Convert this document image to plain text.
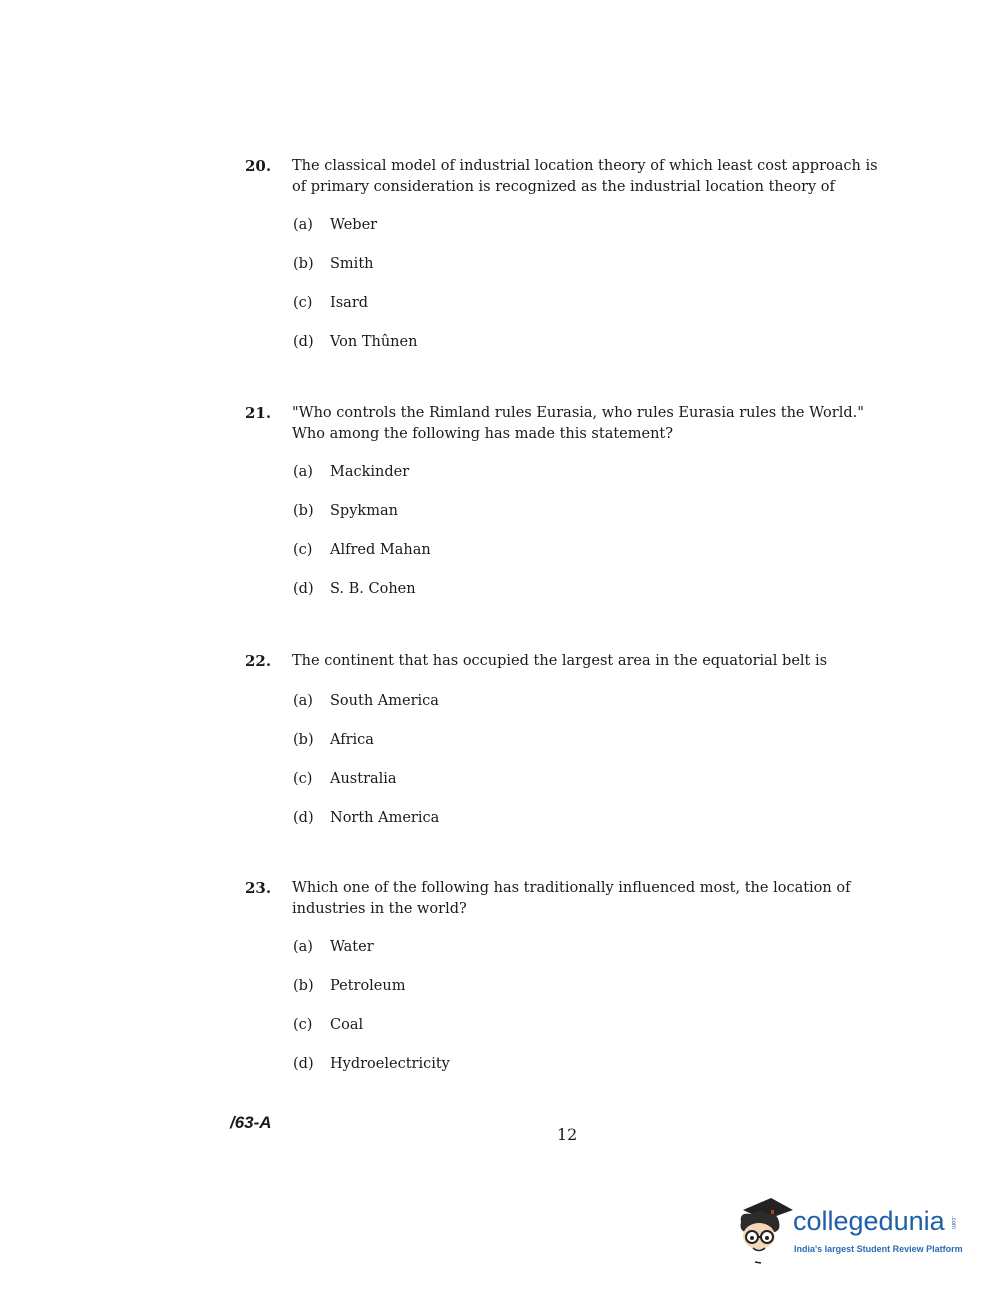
20.	The classical model of industrial location theory of which least cost approach is of primary consideration is recognized as the industrial location theory of
(a)	Weber
(b)	Smith
(c)	Isard
(d)	Von Thûnen
21.	"Who controls the Rimland rules Eurasia, who rules Eurasia rules the World." Who among the following has made this statement?
(a)	Mackinder
(b)	Spykman
(c)	Alfred Mahan
(d)	S. B. Cohen
22.	The continent that has occupied the largest area in the equatorial belt is
(a)	South America
(b)	Africa
(c)	Australia
(d)	North America
23.	Which one of the following has traditionally influenced most, the location of industries in the world?
(a)	Water
(b)	Petroleum
(c)	Coal
(d)	Hydroelectricity
/63-A
12
collegedunia .com
India's largest Student Review Platform
